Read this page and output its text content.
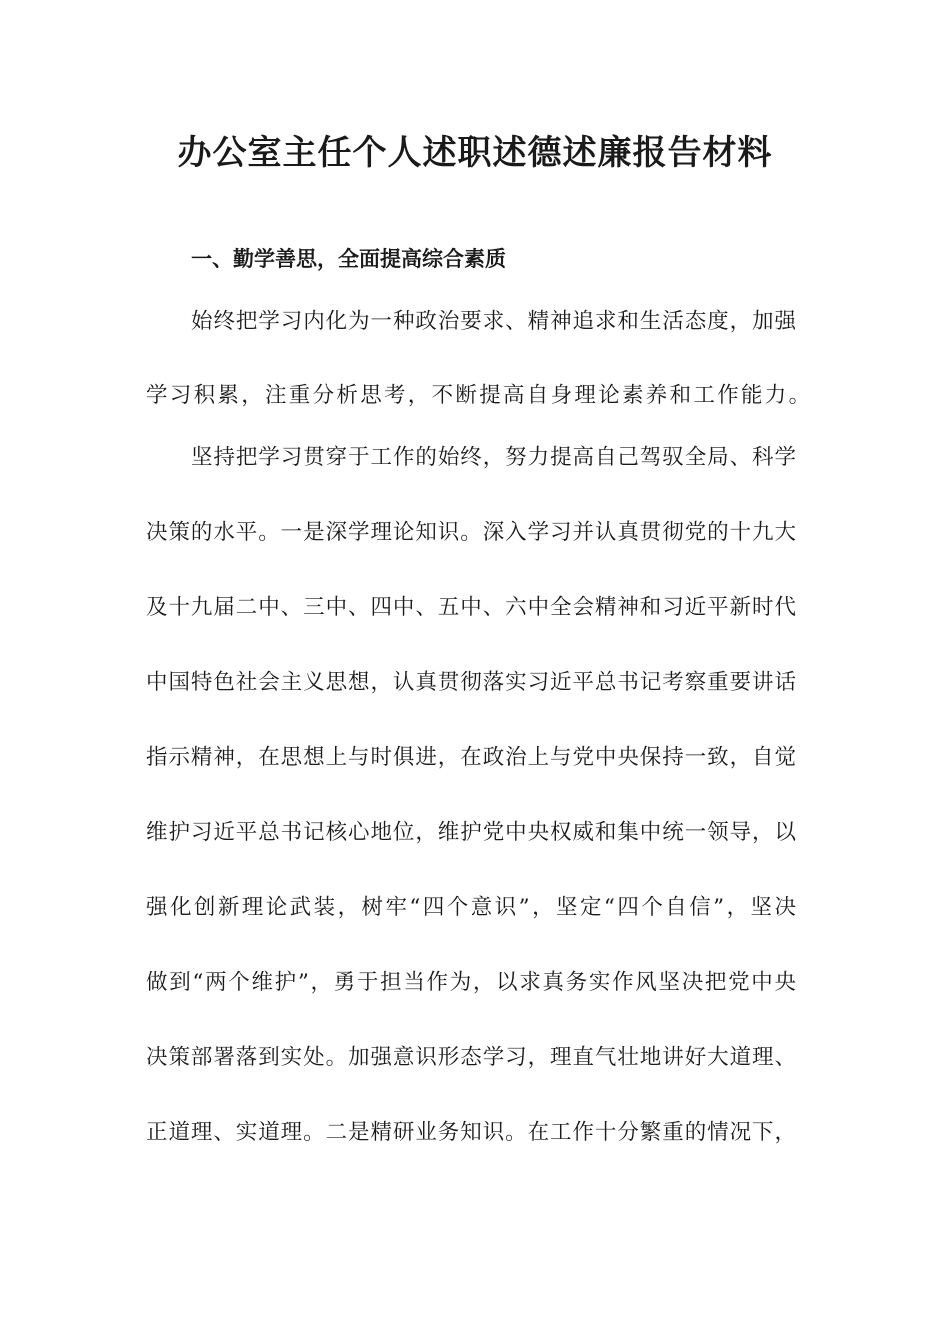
办公室主任个人述职述德述廉报告材料
一、勤学善思，全面提高综合素质

始终把学习内化为一种政治要求、精神追求和生活态度，加强

学习积累，注重分析思考，不断提高自身理论素养和工作能力。

坚持把学习贯穿于工作的始终，努力提高自己驾驭全局、科学

决策的水平。一是深学理论知识。深入学习并认真贯彻党的十九大

及十九届二中、三中、四中、五中、六中全会精神和习近平新时代

中国特色社会主义思想，认真贯彻落实习近平总书记考察重要讲话

指示精神，在思想上与时俱进，在政治上与党中央保持一致，自觉

维护习近平总书记核心地位，维护党中央权威和集中统一领导，以

强化创新理论武装，树牢“四个意识”，坚定“四个自信”，坚决

做到“两个维护”，勇于担当作为，以求真务实作风坚决把党中央

决策部署落到实处。加强意识形态学习，理直气壮地讲好大道理、

正道理、实道理。二是精研业务知识。在工作十分繁重的情况下，
